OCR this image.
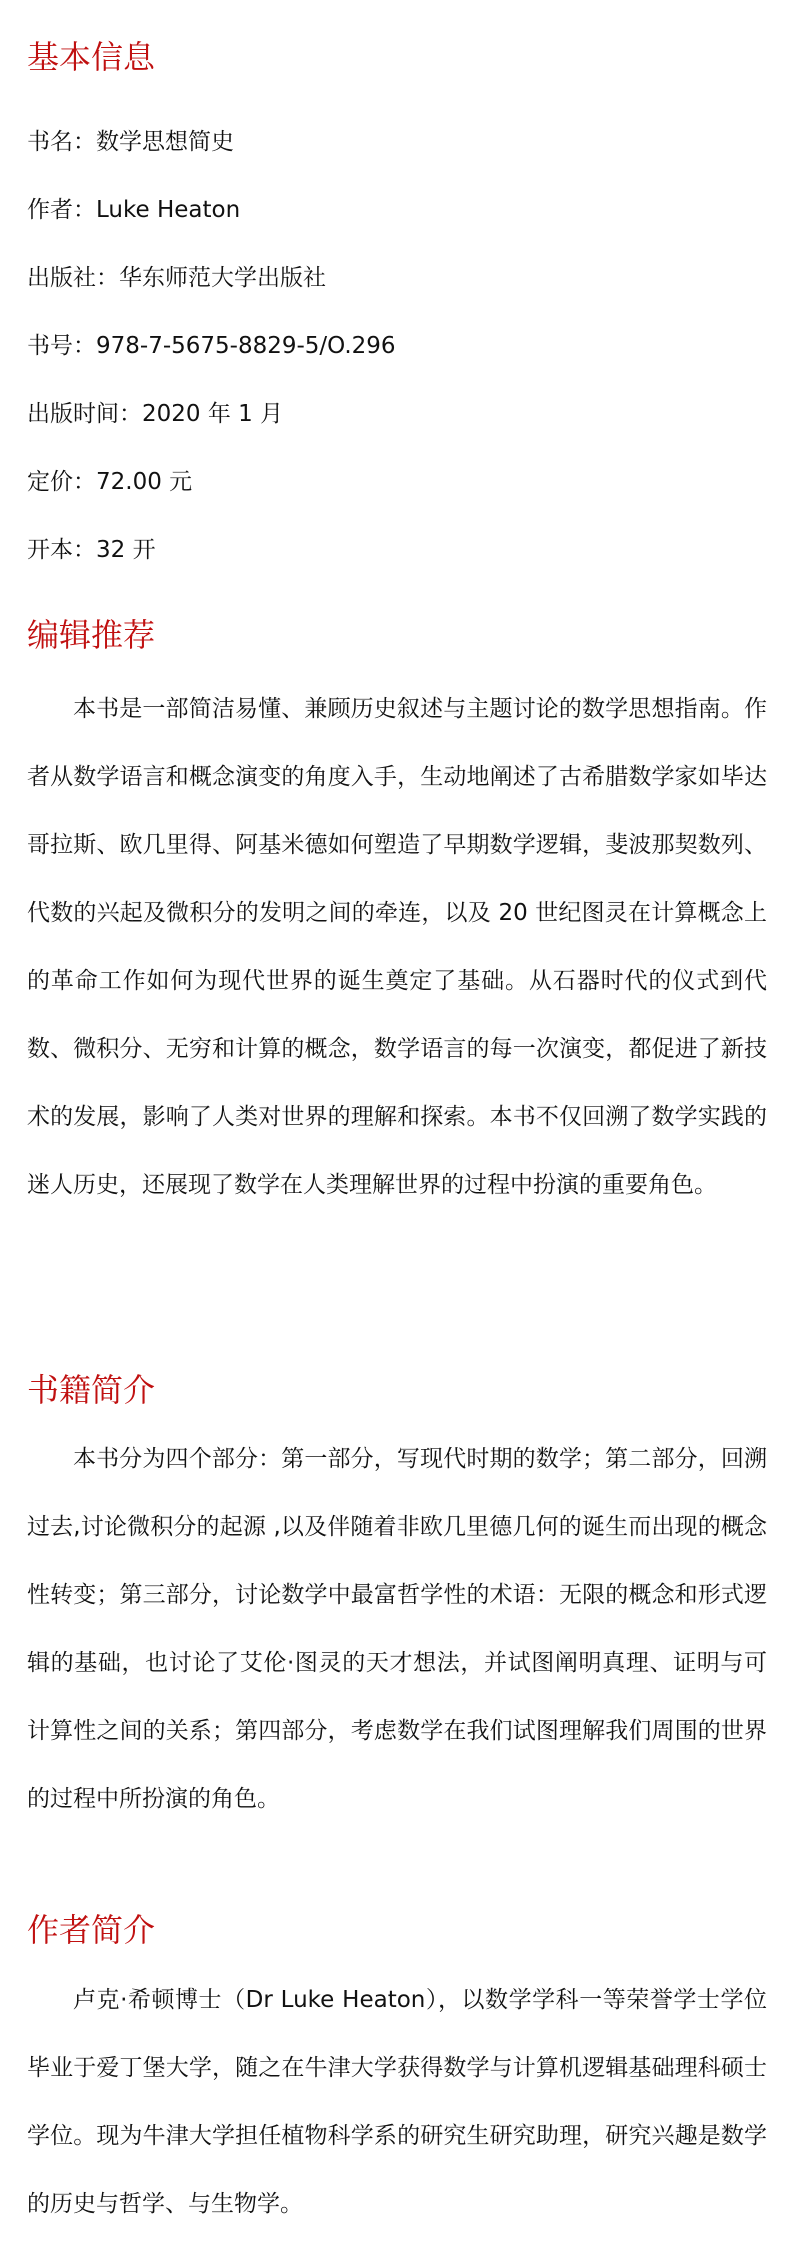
基本信息
书名：数学思想简史
作者：Luke Heaton
出版社：华东师范大学出版社
书号：978-7-5675-8829-5/O.296
出版时间：2020 年 1 月
定价：72.00 元
开本：32 开
编辑推荐

本书是一部简洁易懂、兼顾历史叙述与主题讨论的数学思想指南。作者从数学语言和概念演变的角度入手，生动地阐述了古希腊数学家如毕达哥拉斯、欧几里得、阿基米德如何塑造了早期数学逻辑，斐波那契数列、代数的兴起及微积分的发明之间的牵连，以及 20 世纪图灵在计算概念上的革命工作如何为现代世界的诞生奠定了基础。从石器时代的仪式到代数、微积分、无穷和计算的概念，数学语言的每一次演变，都促进了新技术的发展，影响了人类对世界的理解和探索。本书不仅回溯了数学实践的迷人历史，还展现了数学在人类理解世界的过程中扮演的重要角色。

书籍简介

本书分为四个部分：第一部分，写现代时期的数学；第二部分，回溯过去,讨论微积分的起源 ,以及伴随着非欧几里德几何的诞生而出现的概念性转变；第三部分，讨论数学中最富哲学性的术语：无限的概念和形式逻辑的基础，也讨论了艾伦·图灵的天才想法，并试图阐明真理、证明与可计算性之间的关系；第四部分，考虑数学在我们试图理解我们周围的世界的过程中所扮演的角色。

作者简介

卢克·希顿博士（Dr Luke Heaton），以数学学科一等荣誉学士学位毕业于爱丁堡大学，随之在牛津大学获得数学与计算机逻辑基础理科硕士学位。现为牛津大学担任植物科学系的研究生研究助理，研究兴趣是数学的历史与哲学、与生物学。
